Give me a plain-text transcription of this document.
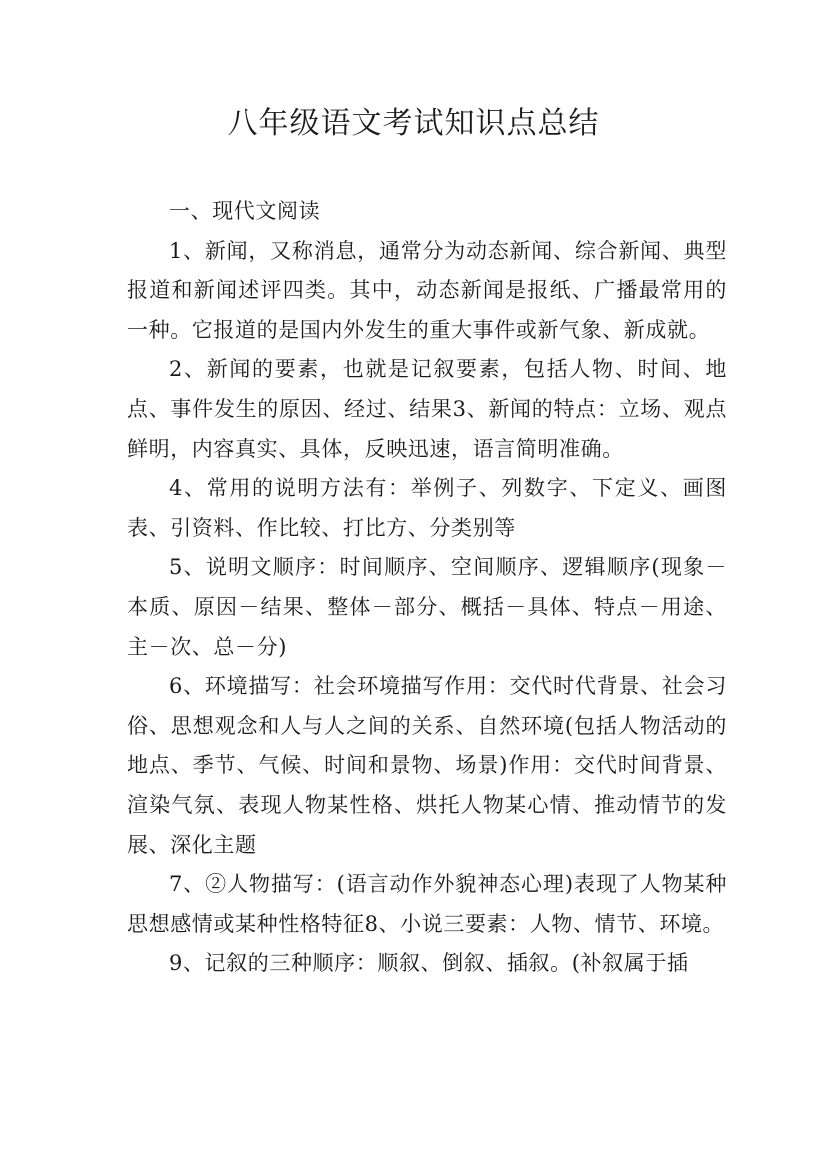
八年级语文考试知识点总结

一、现代文阅读

1、新闻，又称消息，通常分为动态新闻、综合新闻、典型报道和新闻述评四类。其中，动态新闻是报纸、广播最常用的一种。它报道的是国内外发生的重大事件或新气象、新成就。

2、新闻的要素，也就是记叙要素，包括人物、时间、地点、事件发生的原因、经过、结果3、新闻的特点：立场、观点鲜明，内容真实、具体，反映迅速，语言简明准确。

4、常用的说明方法有：举例子、列数字、下定义、画图表、引资料、作比较、打比方、分类别等

5、说明文顺序：时间顺序、空间顺序、逻辑顺序(现象－本质、原因－结果、整体－部分、概括－具体、特点－用途、主－次、总－分)

6、环境描写：社会环境描写作用：交代时代背景、社会习俗、思想观念和人与人之间的关系、自然环境(包括人物活动的地点、季节、气候、时间和景物、场景)作用：交代时间背景、渲染气氛、表现人物某性格、烘托人物某心情、推动情节的发展、深化主题

7、②人物描写：(语言动作外貌神态心理)表现了人物某种思想感情或某种性格特征8、小说三要素：人物、情节、环境。

9、记叙的三种顺序：顺叙、倒叙、插叙。(补叙属于插
